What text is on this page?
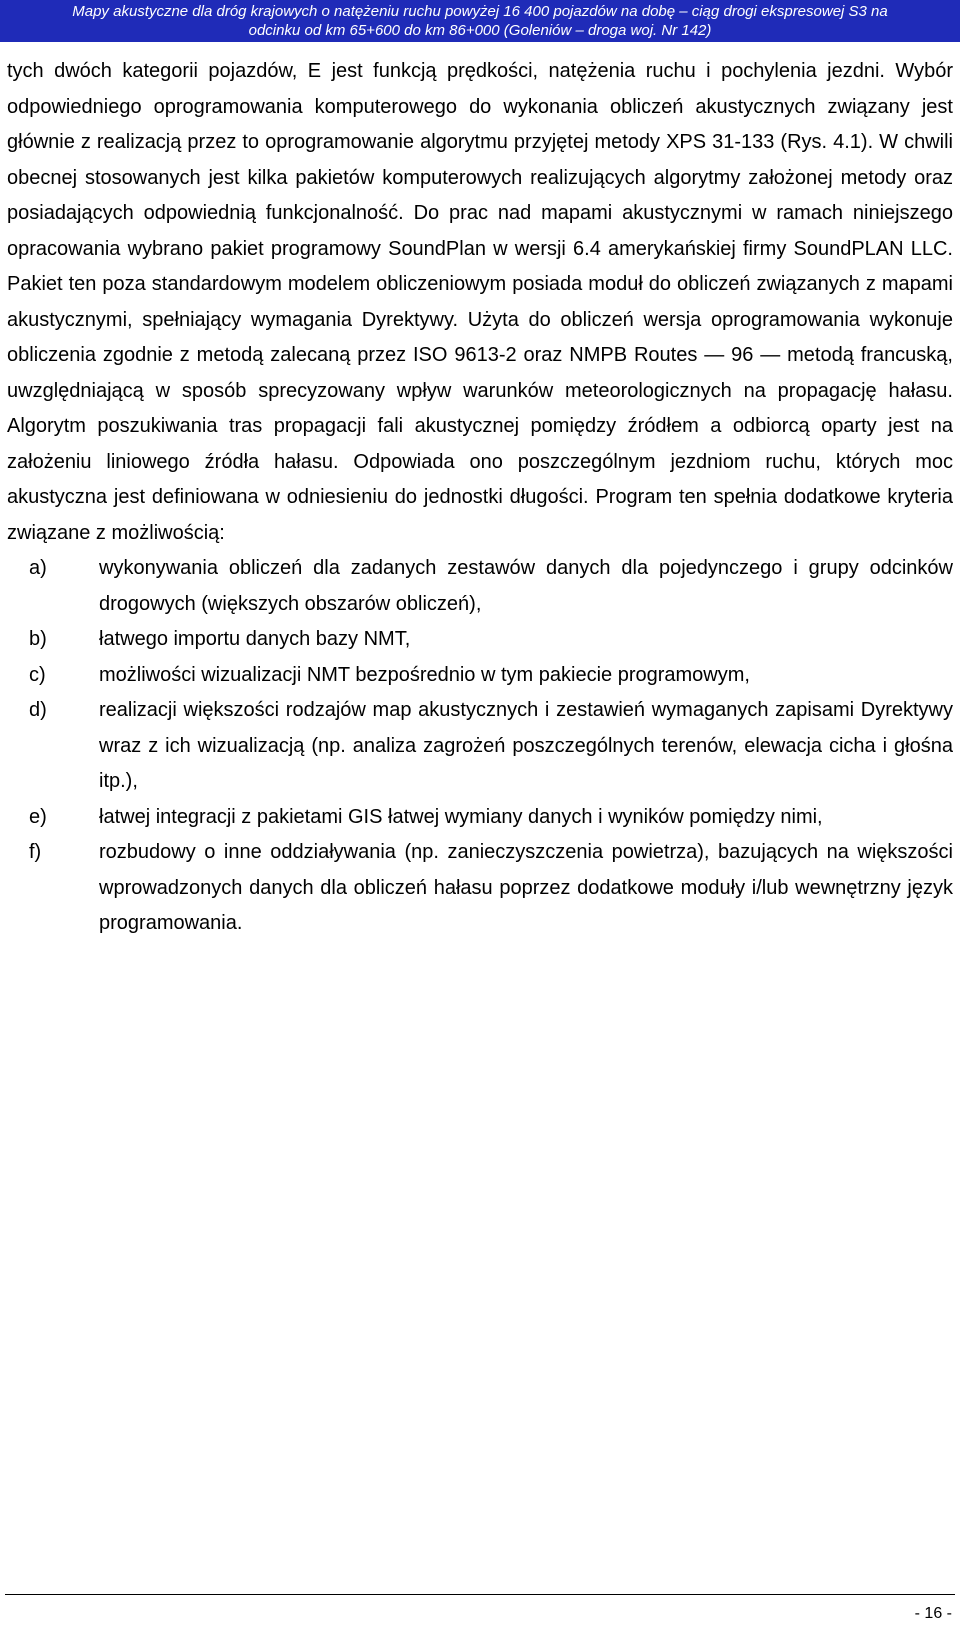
Mapy akustyczne dla dróg krajowych o natężeniu ruchu powyżej 16 400 pojazdów na dobę – ciąg drogi ekspresowej S3 na
odcinku od km 65+600 do km 86+000 (Goleniów – droga woj. Nr 142)

tych dwóch kategorii pojazdów, E jest funkcją prędkości, natężenia ruchu i pochylenia jezdni. Wybór odpowiedniego oprogramowania komputerowego do wykonania obliczeń akustycznych związany jest głównie z realizacją przez to oprogramowanie algorytmu przyjętej metody XPS 31-133 (Rys. 4.1). W chwili obecnej stosowanych jest kilka pakietów komputerowych realizujących algorytmy założonej metody oraz posiadających odpowiednią funkcjonalność. Do prac nad mapami akustycznymi w ramach niniejszego opracowania wybrano pakiet programowy SoundPlan w wersji 6.4 amerykańskiej firmy SoundPLAN LLC. Pakiet ten poza standardowym modelem obliczeniowym posiada moduł do obliczeń związanych z mapami akustycznymi, spełniający wymagania Dyrektywy. Użyta do obliczeń wersja oprogramowania wykonuje obliczenia zgodnie z metodą zalecaną przez ISO 9613-2 oraz NMPB Routes — 96 — metodą francuską, uwzględniającą w sposób sprecyzowany wpływ warunków meteorologicznych na propagację hałasu. Algorytm poszukiwania tras propagacji fali akustycznej pomiędzy źródłem a odbiorcą oparty jest na założeniu liniowego źródła hałasu. Odpowiada ono poszczególnym jezdniom ruchu, których moc akustyczna jest definiowana w odniesieniu do jednostki długości. Program ten spełnia dodatkowe kryteria związane z możliwością:

a)	wykonywania obliczeń dla zadanych zestawów danych dla pojedynczego i grupy odcinków drogowych (większych obszarów obliczeń),
b)	łatwego importu danych bazy NMT,
c)	możliwości wizualizacji NMT bezpośrednio w tym pakiecie programowym,
d)	realizacji większości rodzajów map akustycznych i zestawień wymaganych zapisami Dyrektywy wraz z ich wizualizacją (np. analiza zagrożeń poszczególnych terenów, elewacja cicha i głośna itp.),
e)	łatwej integracji z pakietami GIS łatwej wymiany danych i wyników pomiędzy nimi,
f)	rozbudowy o inne oddziaływania (np. zanieczyszczenia powietrza), bazujących na większości wprowadzonych danych dla obliczeń hałasu poprzez dodatkowe moduły i/lub wewnętrzny język programowania.
- 16 -
